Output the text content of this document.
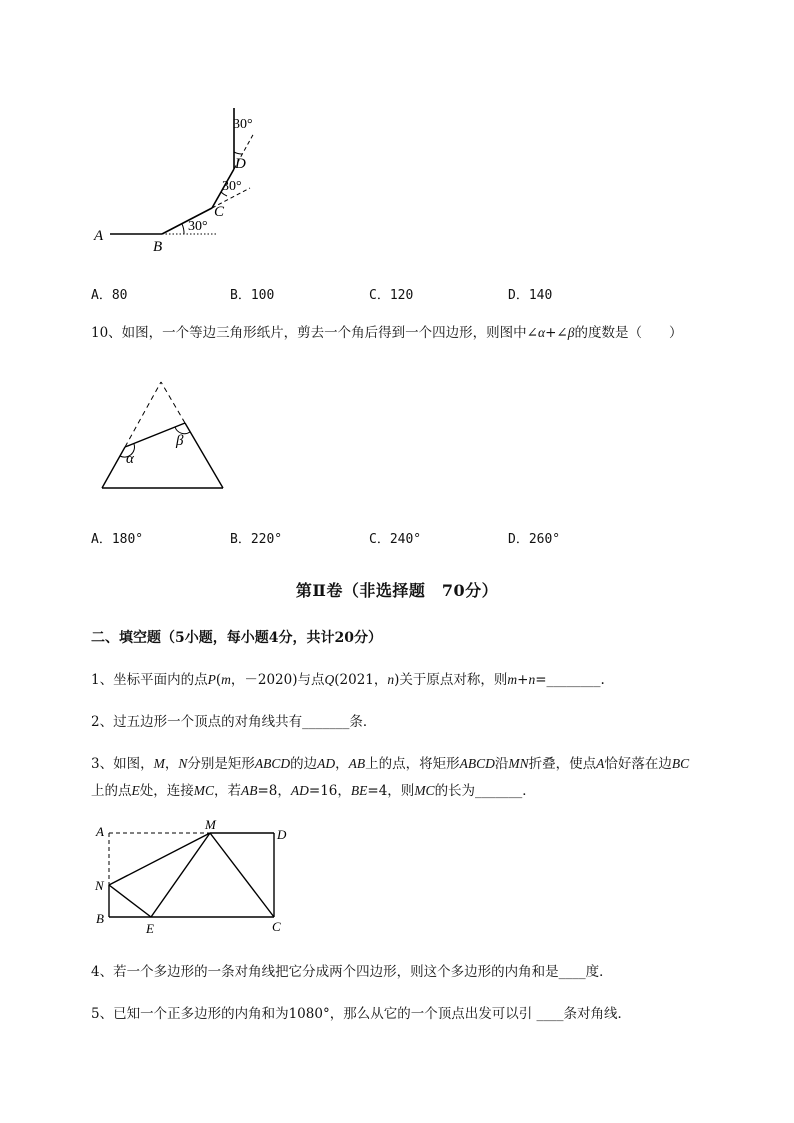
A
B
C
D
30°
30°
30°
A．80	B．100	C．120	D．140
10、如图，一个等边三角形纸片，剪去一个角后得到一个四边形，则图中∠α+∠β的度数是（　　）
α
β
A．180°	B．220°	C．240°	D．260°
第Ⅱ卷（非选择题　70分）
二、填空题（5小题，每小题4分，共计20分）
1、坐标平面内的点P(m，－2020)与点Q(2021，n)关于原点对称，则m+n=________.
2、过五边形一个顶点的对角线共有_______条．
3、如图，M，N分别是矩形ABCD的边AD，AB上的点，将矩形ABCD沿MN折叠，使点A恰好落在边BC
上的点E处，连接MC，若AB=8，AD=16，BE=4，则MC的长为_______．
A	M
D
N
B
E	C
4、若一个多边形的一条对角线把它分成两个四边形，则这个多边形的内角和是____度．
5、已知一个正多边形的内角和为1080°，那么从它的一个顶点出发可以引 ____条对角线．
